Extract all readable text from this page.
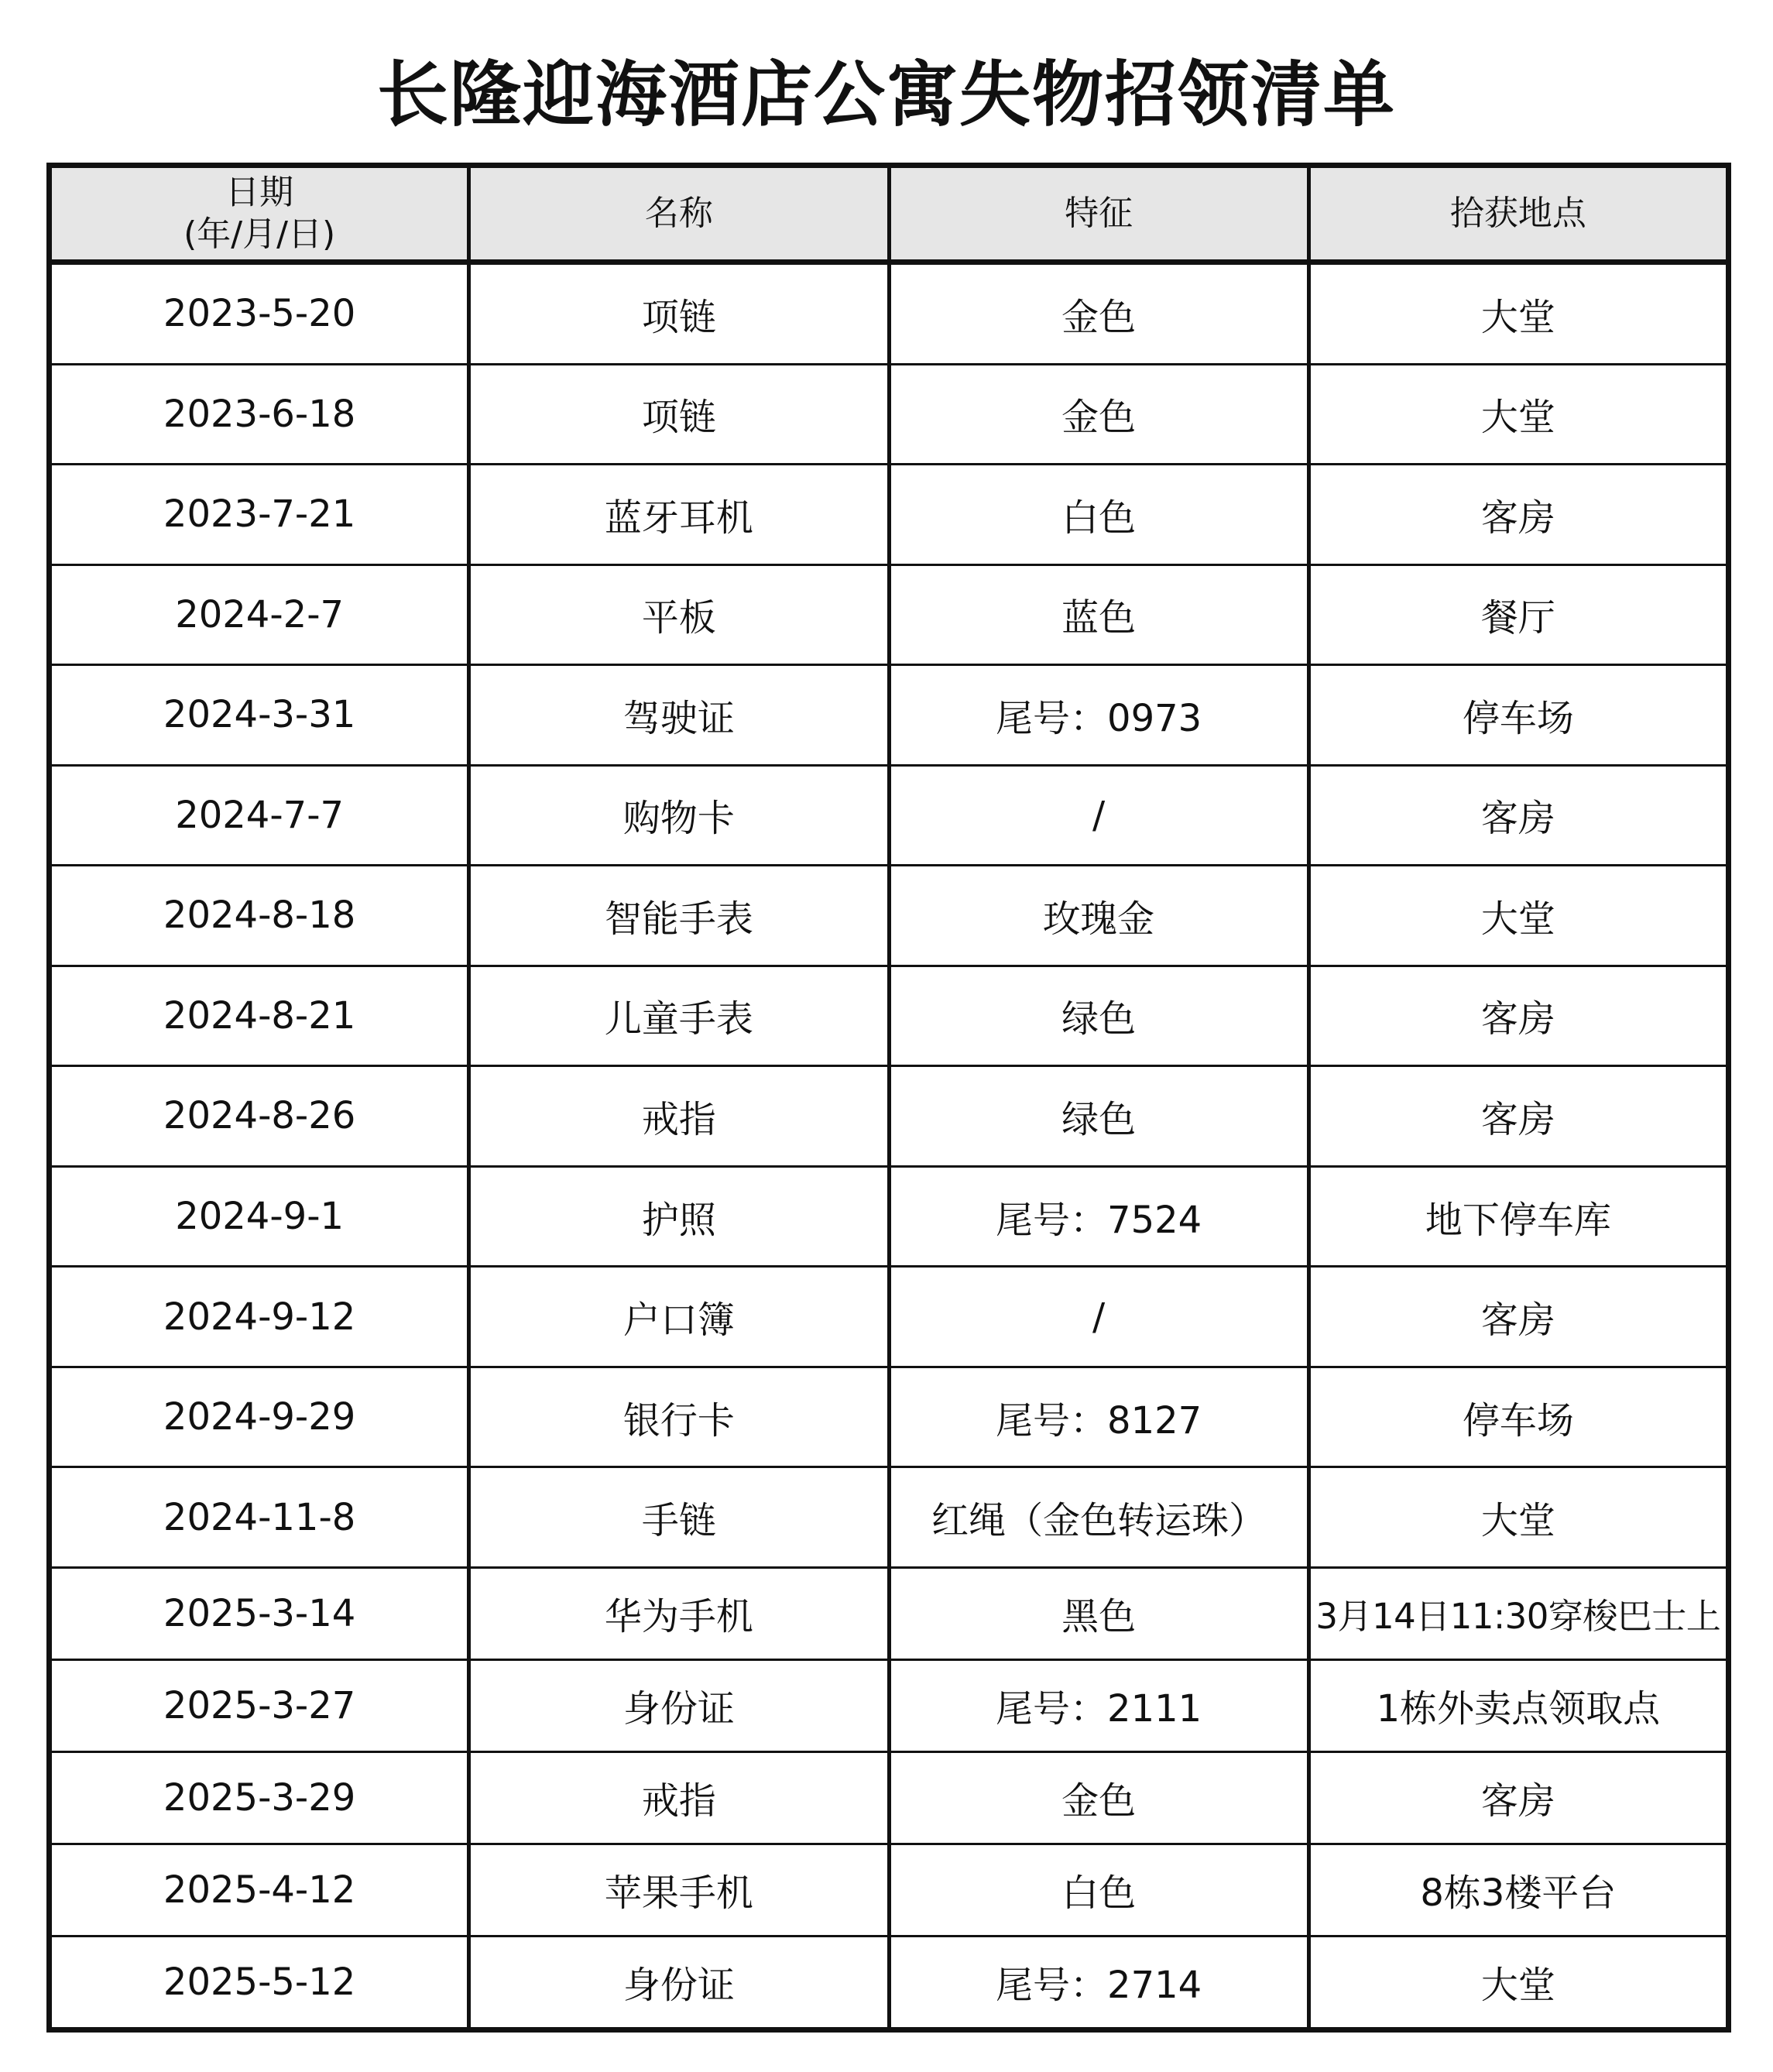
长隆迎海酒店公寓失物招领清单
日期
(年/月/日)	名称	特征	拾获地点
2023-5-20	项链	金色	大堂
2023-6-18	项链	金色	大堂
2023-7-21	蓝牙耳机	白色	客房
2024-2-7	平板	蓝色	餐厅
2024-3-31	驾驶证	尾号：0973	停车场
2024-7-7	购物卡	/	客房
2024-8-18	智能手表	玫瑰金	大堂
2024-8-21	儿童手表	绿色	客房
2024-8-26	戒指	绿色	客房
2024-9-1	护照	尾号：7524	地下停车库
2024-9-12	户口簿	/	客房
2024-9-29	银行卡	尾号：8127	停车场
2024-11-8	手链	红绳（金色转运珠）	大堂
2025-3-14	华为手机	黑色	3月14日11:30穿梭巴士上
2025-3-27	身份证	尾号：2111	1栋外卖点领取点
2025-3-29	戒指	金色	客房
2025-4-12	苹果手机	白色	8栋3楼平台
2025-5-12	身份证	尾号：2714	大堂
